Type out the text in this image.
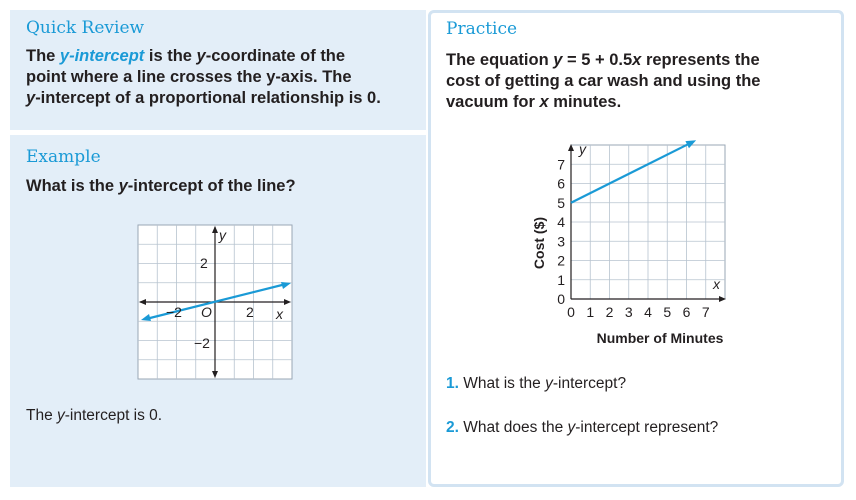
Quick Review
The y-intercept is the y-coordinate of the
point where a line crosses the y-axis. The
y-intercept of a proportional relationship is 0.
Example
What is the y-intercept of the line?
y
x
O
2
−2
−2	2
The y-intercept is 0.
Practice
The equation y = 5 + 0.5x represents the
cost of getting a car wash and using the
vacuum for x minutes.
0 1 2 3 4 5 6 7
0
1
2
3
4
5
6
7
y
x
Cost ($)
Number of Minutes
1. What is the y-intercept?
2. What does the y-intercept represent?
